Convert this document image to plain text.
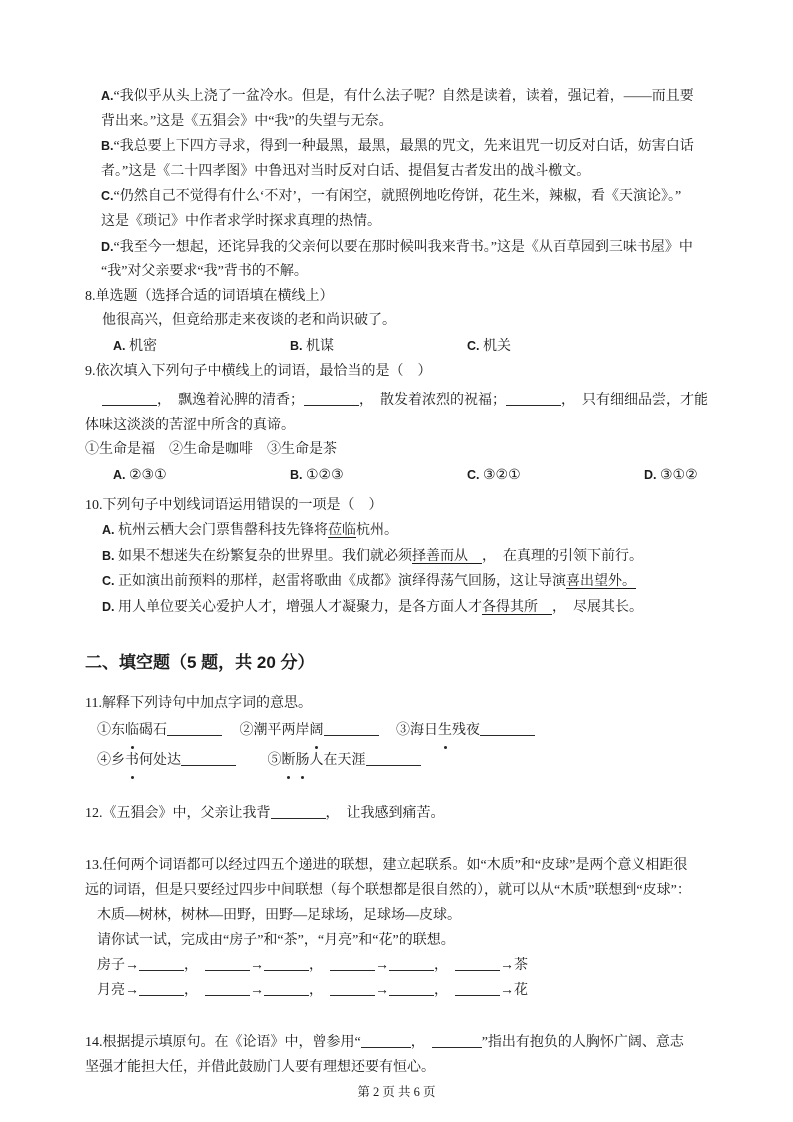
A.“我似乎从头上浇了一盆冷水。但是，有什么法子呢？自然是读着，读着，强记着，——而且要
背出来。”这是《五猖会》中“我”的失望与无奈。

B.“我总要上下四方寻求，得到一种最黑，最黑，最黑的咒文，先来诅咒一切反对白话，妨害白话
者。”这是《二十四孝图》中鲁迅对当时反对白话、提倡复古者发出的战斗檄文。

C.“仍然自己不觉得有什么‘不对’，一有闲空，就照例地吃侉饼，花生米，辣椒，看《天演论》。”
这是《琐记》中作者求学时探求真理的热情。

D.“我至今一想起，还诧异我的父亲何以要在那时候叫我来背书。”这是《从百草园到三味书屋》中
“我”对父亲要求“我”背书的不解。

8.单选题（选择合适的词语填在横线上）

他很高兴，但竟给那走来夜谈的老和尚识破了。

A. 机密	B. 机谋	C. 机关

9.依次填入下列句子中横线上的词语，最恰当的是（　）

，　飘逸着沁脾的清香；	，　散发着浓烈的祝福；	，　只有细细品尝，才能

体味这淡淡的苦涩中所含的真谛。

①生命是福　②生命是咖啡　③生命是茶

A. ②③①	B. ①②③	C. ③②①	D. ③①②

10.下列句子中划线词语运用错误的一项是（　）

A. 杭州云栖大会门票售罄科技先锋将莅临杭州。

B. 如果不想迷失在纷繁复杂的世界里。我们就必须择善而从　，　在真理的引领下前行。

C. 正如演出前预料的那样，赵雷将歌曲《成都》演绎得荡气回肠，这让导演喜出望外。

D. 用人单位要关心爱护人才，增强人才凝聚力，是各方面人才各得其所　，　尽展其长。

二、填空题（5 题，共 20 分）

11.解释下列诗句中加点字词的意思。

①东临碣石	　 ②潮平两岸阔	　 ③海日生残夜

④乡书何处达	　　 ⑤断肠人在天涯

12.《五猖会》中，父亲让我背	，　让我感到痛苦。

13.任何两个词语都可以经过四五个递进的联想，建立起联系。如“木质”和“皮球”是两个意义相距很

远的词语，但是只要经过四步中间联想（每个联想都是很自然的），就可以从“木质”联想到“皮球”：

木质—树林，树林—田野，田野—足球场，足球场—皮球。

请你试一试，完成由“房子”和“茶”，“月亮”和“花”的联想。

房子→	，　	→	，　	→	，　	→茶

月亮→	，　	→	，　	→	，　	→花

14.根据提示填原句。在《论语》中，曾参用“	，　	”指出有抱负的人胸怀广阔、意志

坚强才能担大任，并借此鼓励门人要有理想还要有恒心。

第 2 页 共 6 页
